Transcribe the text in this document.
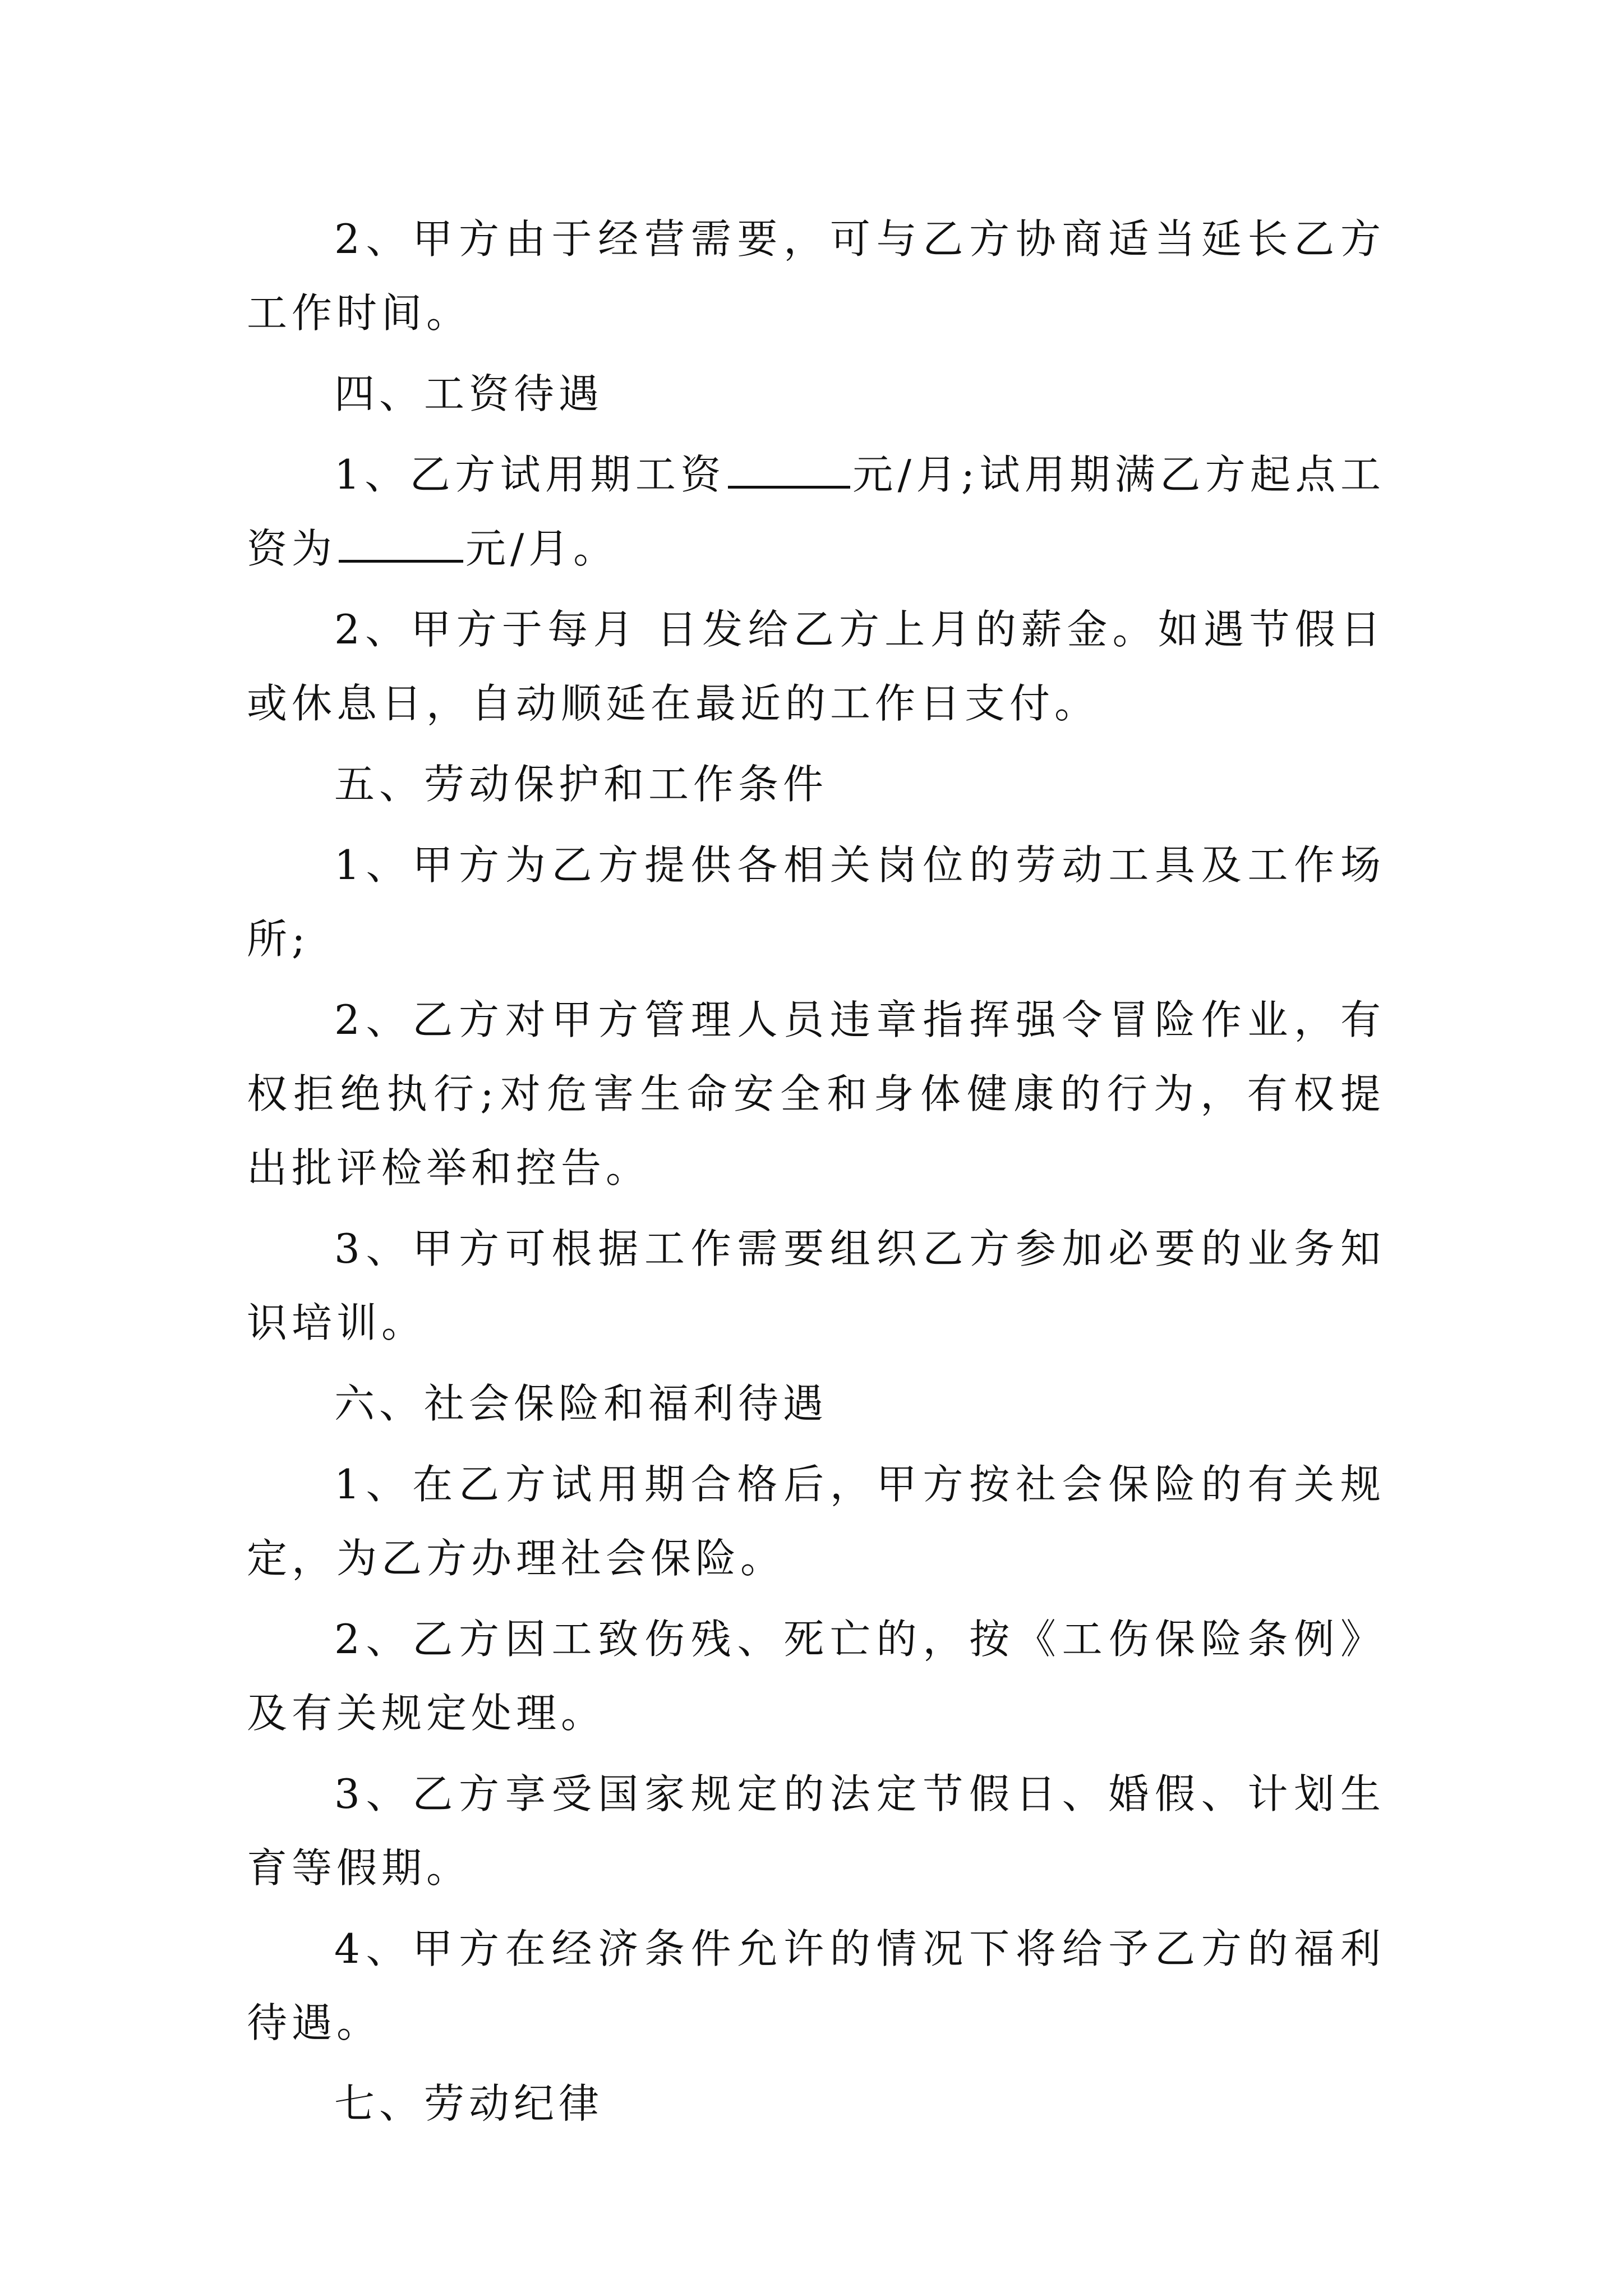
2、甲方由于经营需要，可与乙方协商适当延长乙方工作时间。

四、工资待遇

1、乙方试用期工资	元/月;试用期满乙方起点工资为	元/月。

2、甲方于每月 日发给乙方上月的薪金。如遇节假日或休息日，自动顺延在最近的工作日支付。

五、劳动保护和工作条件

1、甲方为乙方提供各相关岗位的劳动工具及工作场所;

2、乙方对甲方管理人员违章指挥强令冒险作业，有权拒绝执行;对危害生命安全和身体健康的行为，有权提出批评检举和控告。

3、甲方可根据工作需要组织乙方参加必要的业务知识培训。

六、社会保险和福利待遇

1、在乙方试用期合格后，甲方按社会保险的有关规定，为乙方办理社会保险。

2、乙方因工致伤残、死亡的，按《工伤保险条例》及有关规定处理。

3、乙方享受国家规定的法定节假日、婚假、计划生育等假期。

4、甲方在经济条件允许的情况下将给予乙方的福利待遇。

七、劳动纪律
